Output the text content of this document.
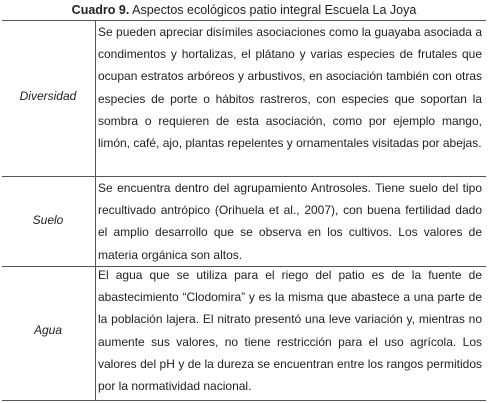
Cuadro 9. Aspectos ecológicos patio integral Escuela La Joya
Diversidad
Se pueden apreciar disímiles asociaciones como la guayaba asociada a condimentos y hortalizas, el plátano y varias especies de frutales que ocupan estratos arbóreos y arbustivos, en asociación también con otras especies de porte o hábitos rastreros, con especies que soportan la sombra o requieren de esta asociación, como por ejemplo mango, limón, café, ajo, plantas repelentes y ornamentales visitadas por abejas.
Suelo
Se encuentra dentro del agrupamiento Antrosoles. Tiene suelo del tipo recultivado antrópico (Orihuela et al., 2007), con buena fertilidad dado el amplio desarrollo que se observa en los cultivos. Los valores de materia orgánica son altos.
Agua
El agua que se utiliza para el riego del patio es de la fuente de abastecimiento “Clodomira” y es la misma que abastece a una parte de la población lajera. El nitrato presentó una leve variación y, mientras no aumente sus valores, no tiene restricción para el uso agrícola. Los valores del pH y de la dureza se encuentran entre los rangos permitidos por la normatividad nacional.
